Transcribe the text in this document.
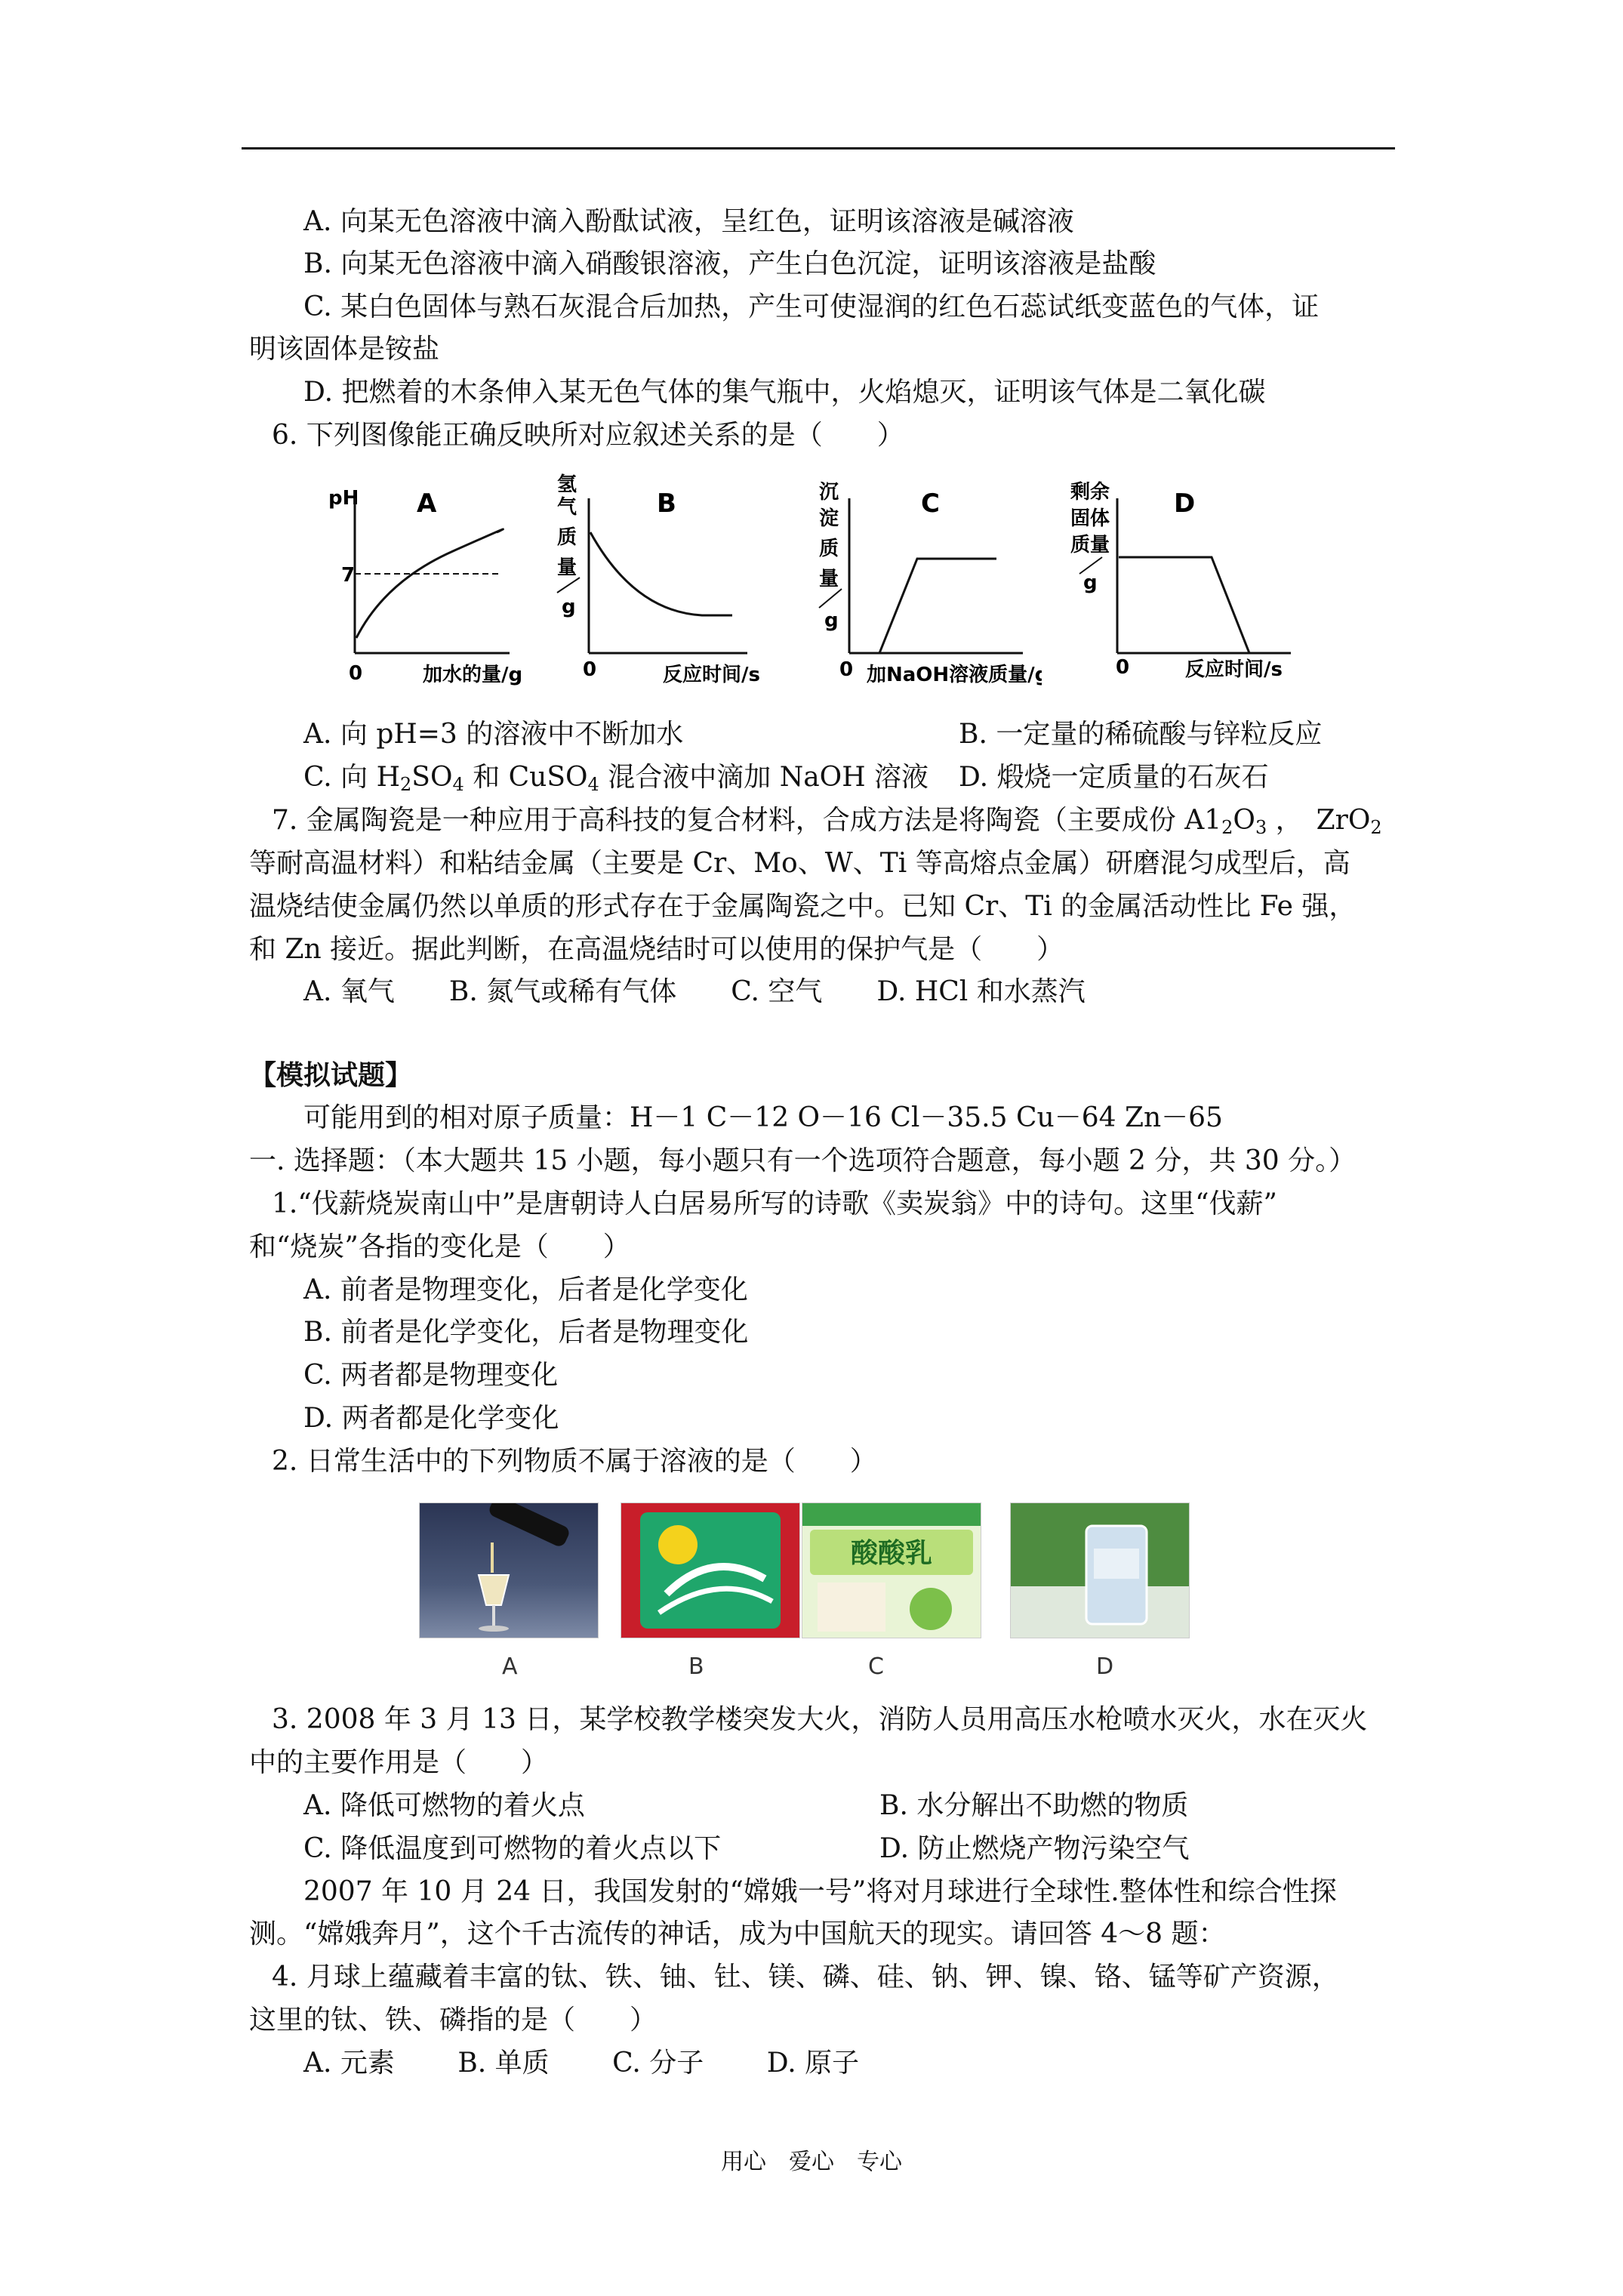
A. 向某无色溶液中滴入酚酞试液，呈红色，证明该溶液是碱溶液
B. 向某无色溶液中滴入硝酸银溶液，产生白色沉淀，证明该溶液是盐酸
C. 某白色固体与熟石灰混合后加热，产生可使湿润的红色石蕊试纸变蓝色的气体，证
明该固体是铵盐
D. 把燃着的木条伸入某无色气体的集气瓶中，火焰熄灭，证明该气体是二氧化碳
6. 下列图像能正确反映所对应叙述关系的是（　　）
pH A
7
0	加水的量/g
氢
气
质
量
g
B
0	反应时间/s
沉
淀
质
量
g
C
0 加NaOH溶液质量/g
剩余
固体
质量
g
D
0	反应时间/s
A. 向 pH=3 的溶液中不断加水	B. 一定量的稀硫酸与锌粒反应
C. 向 $H_2SO_4$ 和 CuSO$_4$ 混合液中滴加 NaOH 溶液 D. 煅烧一定质量的石灰石
7. 金属陶瓷是一种应用于高科技的复合材料，合成方法是将陶瓷（主要成份 $A1_2O_3$ ，　ZrO$_2$
等耐高温材料）和粘结金属（主要是 Cr、Mo、W、Ti 等高熔点金属）研磨混匀成型后，高
温烧结使金属仍然以单质的形式存在于金属陶瓷之中。已知 Cr、Ti 的金属活动性比 Fe 强，
和 Zn 接近。据此判断，在高温烧结时可以使用的保护气是（　　）
A. 氧气　　B. 氮气或稀有气体　　C. 空气　　D. HCl 和水蒸汽
【模拟试题】
可能用到的相对原子质量：H－1 C－12 O－16 Cl－35.5 Cu－64 Zn－65
一. 选择题：（本大题共 15 小题，每小题只有一个选项符合题意，每小题 2 分，共 30 分。）
1.“伐薪烧炭南山中”是唐朝诗人白居易所写的诗歌《卖炭翁》中的诗句。这里“伐薪”
和“烧炭”各指的变化是（　　）
A. 前者是物理变化，后者是化学变化
B. 前者是化学变化，后者是物理变化
C. 两者都是物理变化
D. 两者都是化学变化
2. 日常生活中的下列物质不属于溶液的是（　　）
酸酸乳
A	B	C	D
3. 2008 年 3 月 13 日，某学校教学楼突发大火，消防人员用高压水枪喷水灭火，水在灭火
中的主要作用是（　　）
A. 降低可燃物的着火点	B. 水分解出不助燃的物质
C. 降低温度到可燃物的着火点以下	D. 防止燃烧产物污染空气
2007 年 10 月 24 日，我国发射的“嫦娥一号”将对月球进行全球性.整体性和综合性探
测。“嫦娥奔月”，这个千古流传的神话，成为中国航天的现实。请回答 4～8 题：
4. 月球上蕴藏着丰富的钛、铁、铀、钍、镁、磷、硅、钠、钾、镍、铬、锰等矿产资源，
这里的钛、铁、磷指的是（　　）
A. 元素　　 B. 单质　　 C. 分子　　 D. 原子
用心　爱心　专心
